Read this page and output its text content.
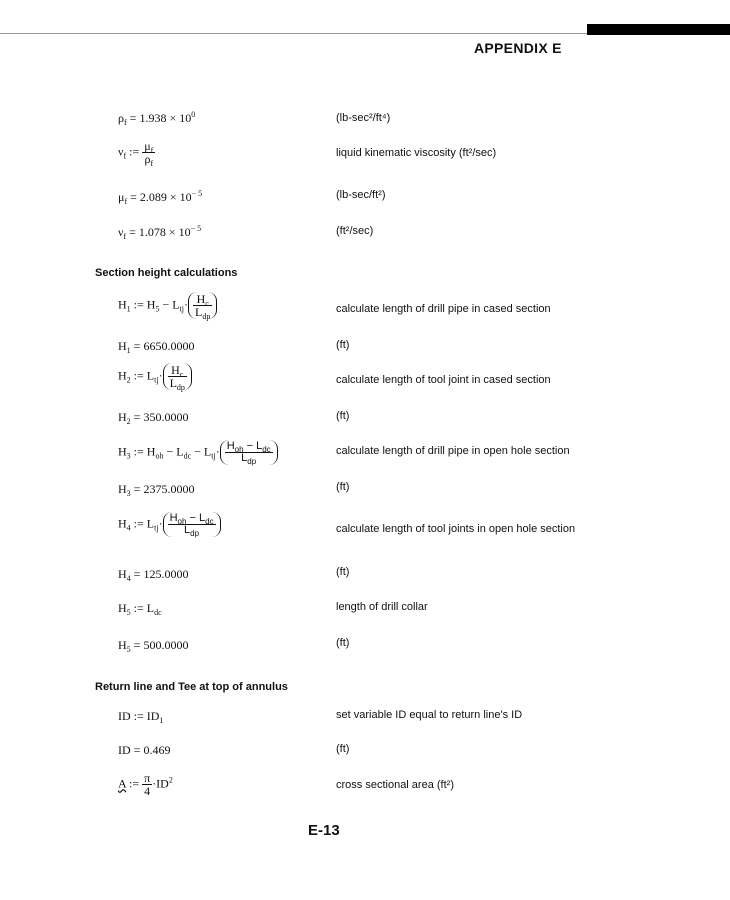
APPENDIX E
$\rho_f = 1.938 \times 10^0$	(lb-sec²/ft⁴)
$\nu_f$ := $\frac{\mu_f}{\rho_f}$	liquid kinematic viscosity (ft²/sec)
$\mu_f = 2.089 \times 10^{- 5}$	(lb-sec/ft²)
$\nu_f = 1.078 \times 10^{- 5}$	(ft²/sec)
Section height calculations
$H_1$ := $H_5 - L_{tj}\cdot \frac{H_c}{L_{dp}}$	calculate length of drill pipe in cased section
$H_1 = 6650.0000$	(ft)
$H_2$ := $L_{tj}\cdot \frac{H_c}{L_{dp}}$	calculate length of tool joint in cased section
$H_2 = 350.0000$	(ft)
$H_3$ := $H_{oh} - L_{dc} - L_{tj}\cdot \frac{H_{oh} - L_{dc}}{L_{dp}}$	calculate length of drill pipe in open hole section
$H_3 = 2375.0000$	(ft)
$H_4$ := $L_{tj}\cdot \frac{H_{oh} - L_{dc}}{L_{dp}}$	calculate length of tool joints in open hole section
$H_4 = 125.0000$	(ft)
$H_5$ := $L_{dc}$	length of drill collar
$H_5 = 500.0000$	(ft)
Return line and Tee at top of annulus
ID := $ID_1$	set variable ID equal to return line's ID
ID = 0.469	(ft)
A := $\frac{\pi}{4} \cdot ID^2$	cross sectional area (ft²)
E-13
